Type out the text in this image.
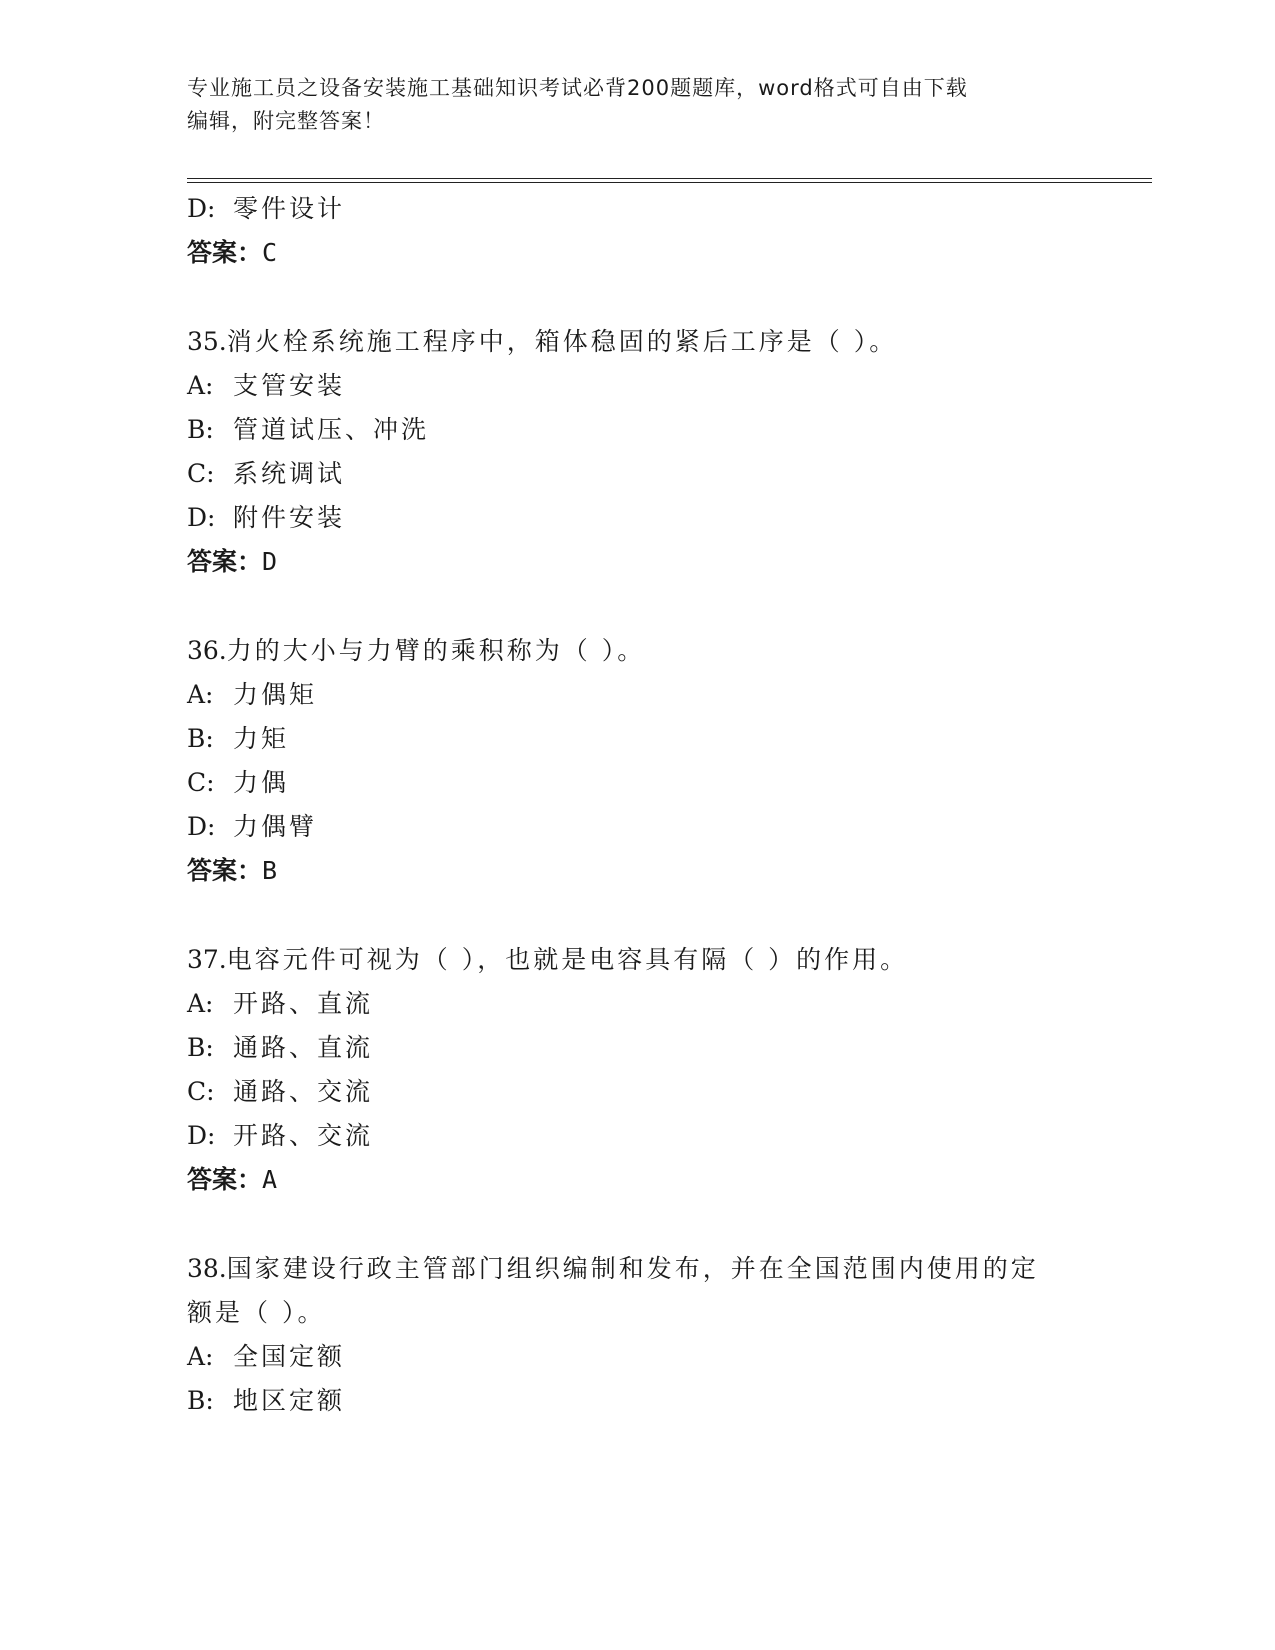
专业施工员之设备安装施工基础知识考试必背200题题库，word格式可自由下载
编辑，附完整答案！
D: 零件设计
答案：C
35.消火栓系统施工程序中，箱体稳固的紧后工序是（ ）。
A: 支管安装
B: 管道试压、冲洗
C: 系统调试
D: 附件安装
答案：D
36.力的大小与力臂的乘积称为（ ）。
A: 力偶矩
B: 力矩
C: 力偶
D: 力偶臂
答案：B
37.电容元件可视为（ ），也就是电容具有隔（ ）的作用。
A: 开路、直流
B: 通路、直流
C: 通路、交流
D: 开路、交流
答案：A
38.国家建设行政主管部门组织编制和发布，并在全国范围内使用的定
额是（ ）。
A: 全国定额
B: 地区定额
